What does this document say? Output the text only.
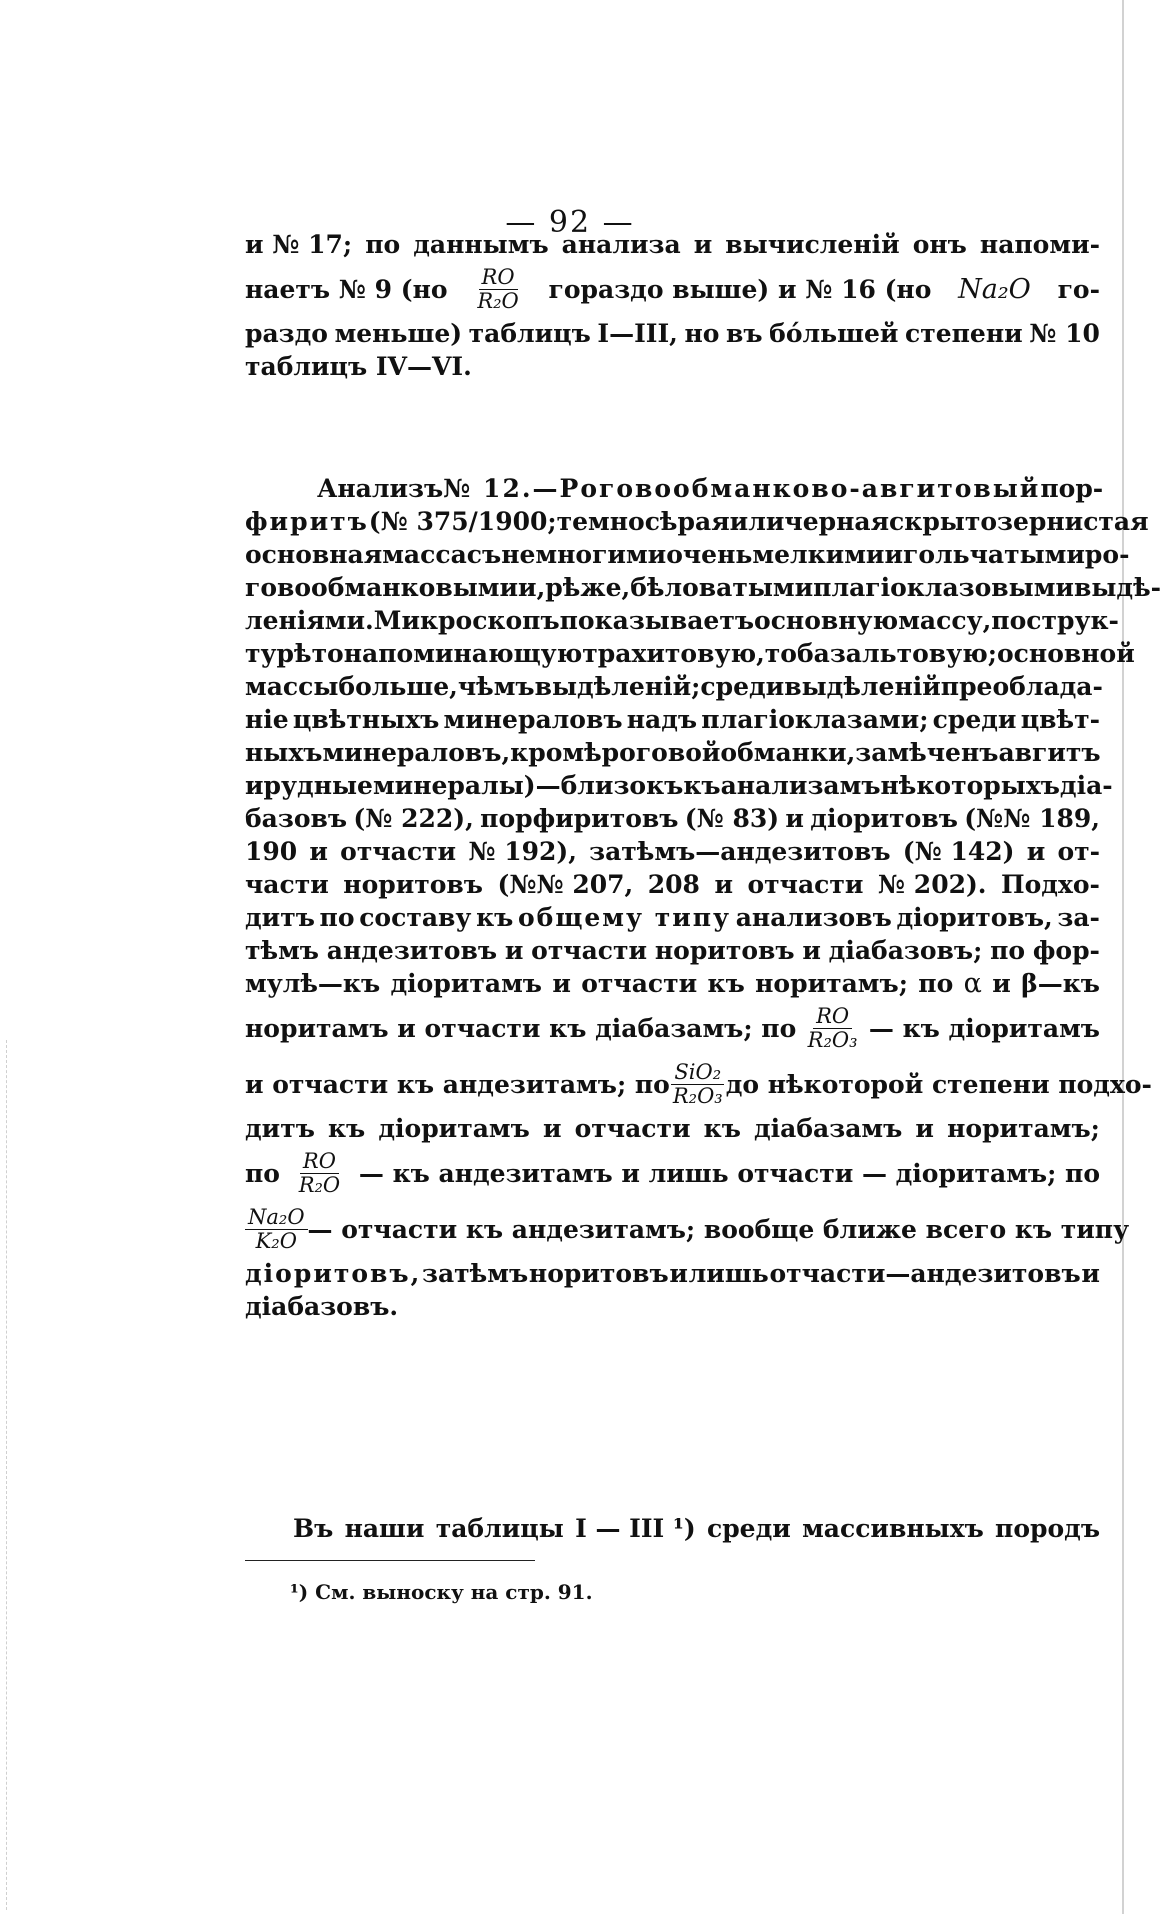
— 92 —
и № 17; по даннымъ анализа и вычисленій онъ напоми-
наетъ № 9 ($но \frac{RO}{\text{R₂O}}$ гораздо выше) и № 16 (но Na₂O го-
раздо меньше) таблицъ I—III, но въ бо́льшей степени № 10
таблицъ IV—VI.
Анализъ № 12.—Роговообманково-авгитовый пор-
фиритъ (№ 375/1900; темносѣрая или черная скрытозернистая
основная масса съ немногими очень мелкими игольчатыми ро-
говообманковыми и, рѣже, бѣловатыми плагіоклазовыми выдѣ-
леніями. Микроскопъ показываетъ основную массу, по струк-
турѣ то напоминающую трахитовую, то базальтовую; основной
массы больше, чѣмъ выдѣленій; среди выдѣленій преоблада-
ніе цвѣтныхъ минераловъ надъ плагіоклазами; среди цвѣт-
ныхъ минераловъ, кромѣ роговой обманки, замѣченъ авгитъ
и рудные минералы)—близокъ къ анализамъ нѣкоторыхъ діа-
базовъ (№ 222), порфиритовъ (№ 83) и діоритовъ (№№ 189,
190 и отчасти № 192), затѣмъ—андезитовъ (№ 142) и от-
части норитовъ (№№ 207, 208 и отчасти № 202). Подхо-
дитъ по составу къ общему типу анализовъ діоритовъ, за-
тѣмъ андезитовъ и отчасти норитовъ и діабазовъ; по фор-
мулѣ—къ діоритамъ и отчасти къ норитамъ; по α и β—къ
норитамъ и отчасти къ діабазамъ; по $\frac{RO}{\text{R₂O₃}}$ — къ діоритамъ
и отчасти къ андезитамъ; по $\frac{\text{SiO₂}}{\text{R₂O₃}}$ до нѣкоторой степени подхо-
дитъ къ діоритамъ и отчасти къ діабазамъ и норитамъ;
по $\frac{RO}{\text{R₂O}}$ — къ андезитамъ и лишь отчасти — діоритамъ; по
$\frac{\text{Na₂O}}{\text{K₂O}}$ — отчасти къ андезитамъ; вообще ближе всего къ типу
діоритовъ, затѣмъ норитовъ и лишь отчасти—андезитовъ и
діабазовъ.
Въ наши таблицы I — III ¹) среди массивныхъ породъ
¹) См. выноску на стр. 91.
